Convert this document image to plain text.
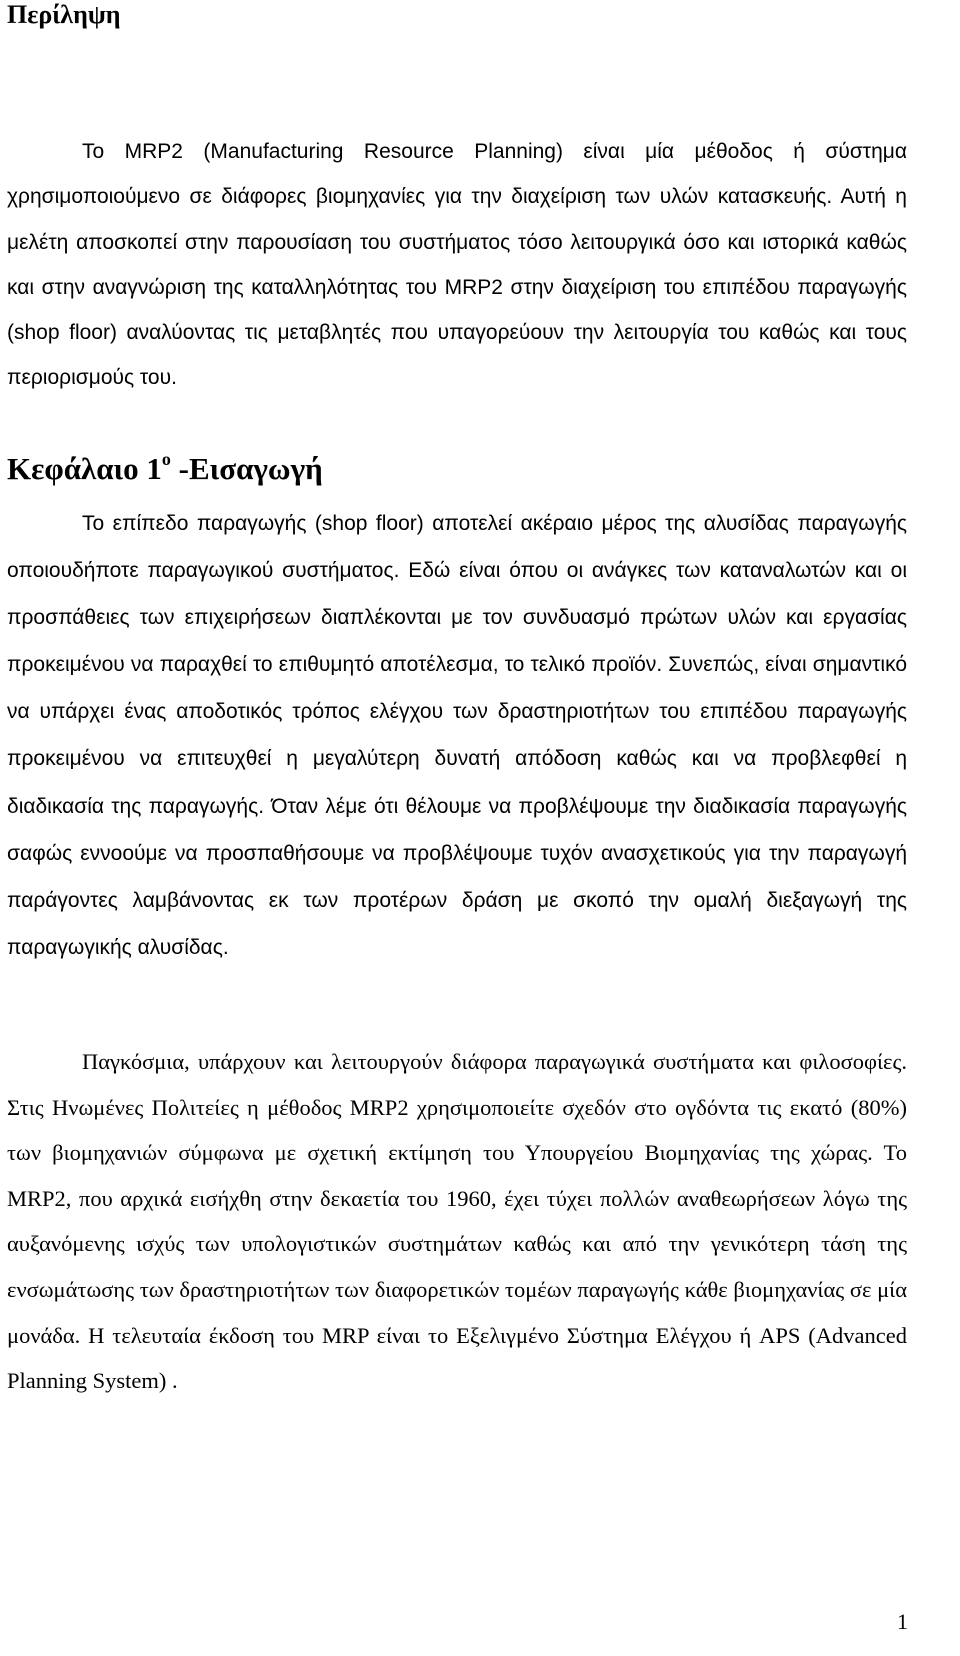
Περίληψη

Το MRP2 (Manufacturing Resource Planning) είναι μία μέθοδος ή σύστημα χρησιμοποιούμενο σε διάφορες βιομηχανίες για την διαχείριση των υλών κατασκευής. Αυτή η μελέτη αποσκοπεί στην παρουσίαση του συστήματος τόσο λειτουργικά όσο και ιστορικά καθώς και στην αναγνώριση της καταλληλότητας του MRP2 στην διαχείριση του επιπέδου παραγωγής (shop floor) αναλύοντας τις μεταβλητές που υπαγορεύουν την λειτουργία του καθώς και τους περιορισμούς του.

Κεφάλαιο $1^o$ -Εισαγωγή

Το επίπεδο παραγωγής (shop floor) αποτελεί ακέραιο μέρος της αλυσίδας παραγωγής οποιουδήποτε παραγωγικού συστήματος. Εδώ είναι όπου οι ανάγκες των καταναλωτών και οι προσπάθειες των επιχειρήσεων διαπλέκονται με τον συνδυασμό πρώτων υλών και εργασίας προκειμένου να παραχθεί το επιθυμητό αποτέλεσμα, το τελικό προϊόν. Συνεπώς, είναι σημαντικό να υπάρχει ένας αποδοτικός τρόπος ελέγχου των δραστηριοτήτων του επιπέδου παραγωγής προκειμένου να επιτευχθεί η μεγαλύτερη δυνατή απόδοση καθώς και να προβλεφθεί η διαδικασία της παραγωγής. Όταν λέμε ότι θέλουμε να προβλέψουμε την διαδικασία παραγωγής σαφώς εννοούμε να προσπαθήσουμε να προβλέψουμε τυχόν ανασχετικούς για την παραγωγή παράγοντες λαμβάνοντας εκ των προτέρων δράση με σκοπό την ομαλή διεξαγωγή της παραγωγικής αλυσίδας.

Παγκόσμια, υπάρχουν και λειτουργούν διάφορα παραγωγικά συστήματα και φιλοσοφίες. Στις Ηνωμένες Πολιτείες η μέθοδος MRP2 χρησιμοποιείτε σχεδόν στο ογδόντα τις εκατό (80%) των βιομηχανιών σύμφωνα με σχετική εκτίμηση του Υπουργείου Βιομηχανίας της χώρας. Το MRP2, που αρχικά εισήχθη στην δεκαετία του 1960, έχει τύχει πολλών αναθεωρήσεων λόγω της αυξανόμενης ισχύς των υπολογιστικών συστημάτων καθώς και από την γενικότερη τάση της ενσωμάτωσης των δραστηριοτήτων των διαφορετικών τομέων παραγωγής κάθε βιομηχανίας σε μία μονάδα. Η τελευταία έκδοση του MRP είναι το Εξελιγμένο Σύστημα Ελέγχου ή APS (Advanced Planning System) .

1
